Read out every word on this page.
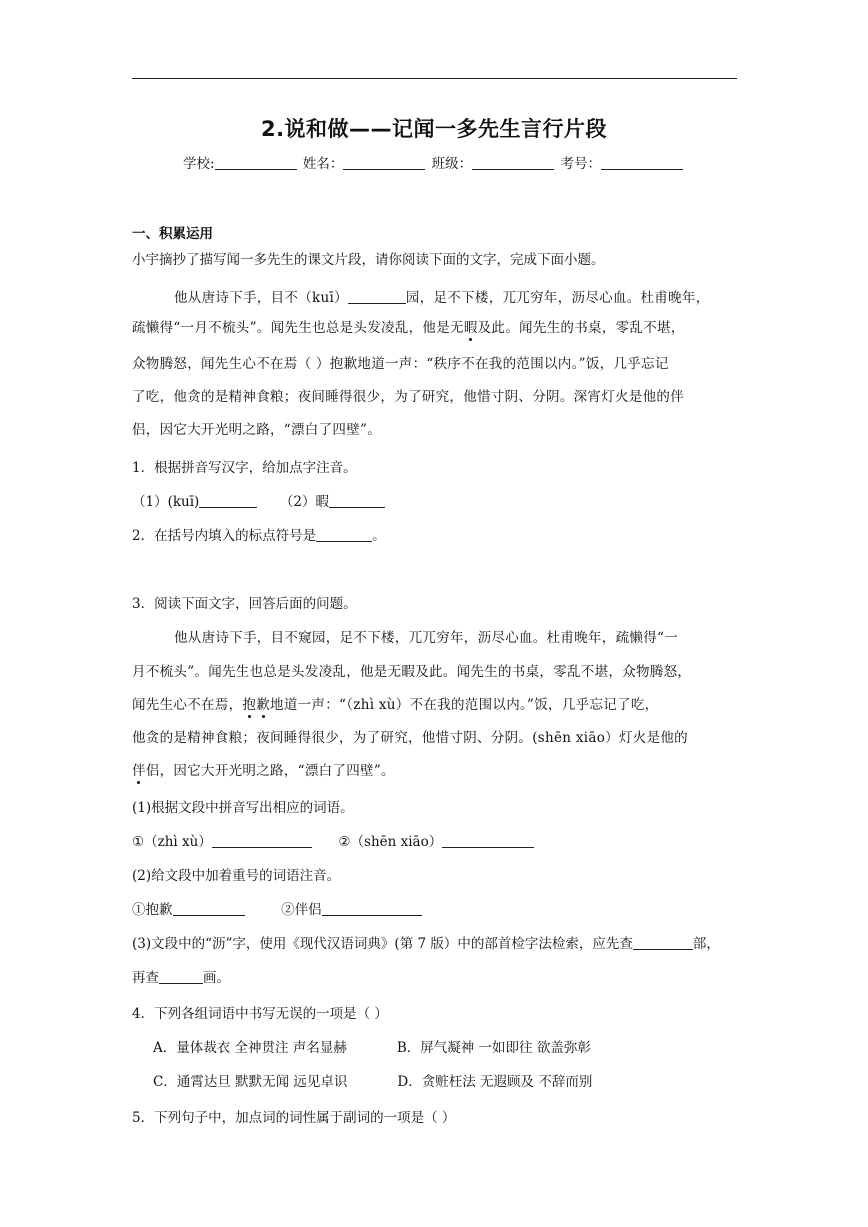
2.说和做——记闻一多先生言行片段
学校:	姓名：	班级：	考号：
一、积累运用
小宇摘抄了描写闻一多先生的课文片段，请你阅读下面的文字，完成下面小题。
他从唐诗下手，目不（kuī）	园，足不下楼，兀兀穷年，沥尽心血。杜甫晚年，
疏懒得“一月不梳头”。闻先生也总是头发凌乱，他是无暇及此。闻先生的书桌，零乱不堪，
众物腾怒，闻先生心不在焉（ ）抱歉地道一声：“秩序不在我的范围以内。”饭，几乎忘记
了吃，他贪的是精神食粮；夜间睡得很少，为了研究，他惜寸阴、分阴。深宵灯火是他的伴
侣，因它大开光明之路，“漂白了四壁”。
1．根据拼音写汉字，给加点字注音。
（1）(kuī)	（2）暇
2．在括号内填入的标点符号是	。
3．阅读下面文字，回答后面的问题。
他从唐诗下手，目不窥园，足不下楼，兀兀穷年，沥尽心血。杜甫晚年，疏懒得“一
月不梳头”。闻先生也总是头发凌乱，他是无暇及此。闻先生的书桌，零乱不堪，众物腾怒，
闻先生心不在焉，抱歉地道一声：“（zhì xù）不在我的范围以内。”饭，几乎忘记了吃，
他贪的是精神食粮；夜间睡得很少，为了研究，他惜寸阴、分阴。(shēn xiāo）灯火是他的
伴侣，因它大开光明之路，“漂白了四壁”。
(1)根据文段中拼音写出相应的词语。
①（zhì xù）	②（shēn xiāo）
(2)给文段中加着重号的词语注音。
①抱歉	②伴侣
(3)文段中的“沥”字，使用《现代汉语词典》(第 7 版）中的部首检字法检索，应先查	部，
再查	画。
4．下列各组词语中书写无误的一项是（ ）
A．量体裁衣 全神贯注 声名显赫	B．屏气凝神 一如即往 欲盖弥彰
C．通霄达旦 默默无闻 远见卓识	D．贪赃枉法 无遐顾及 不辞而别
5．下列句子中，加点词的词性属于副词的一项是（ ）
